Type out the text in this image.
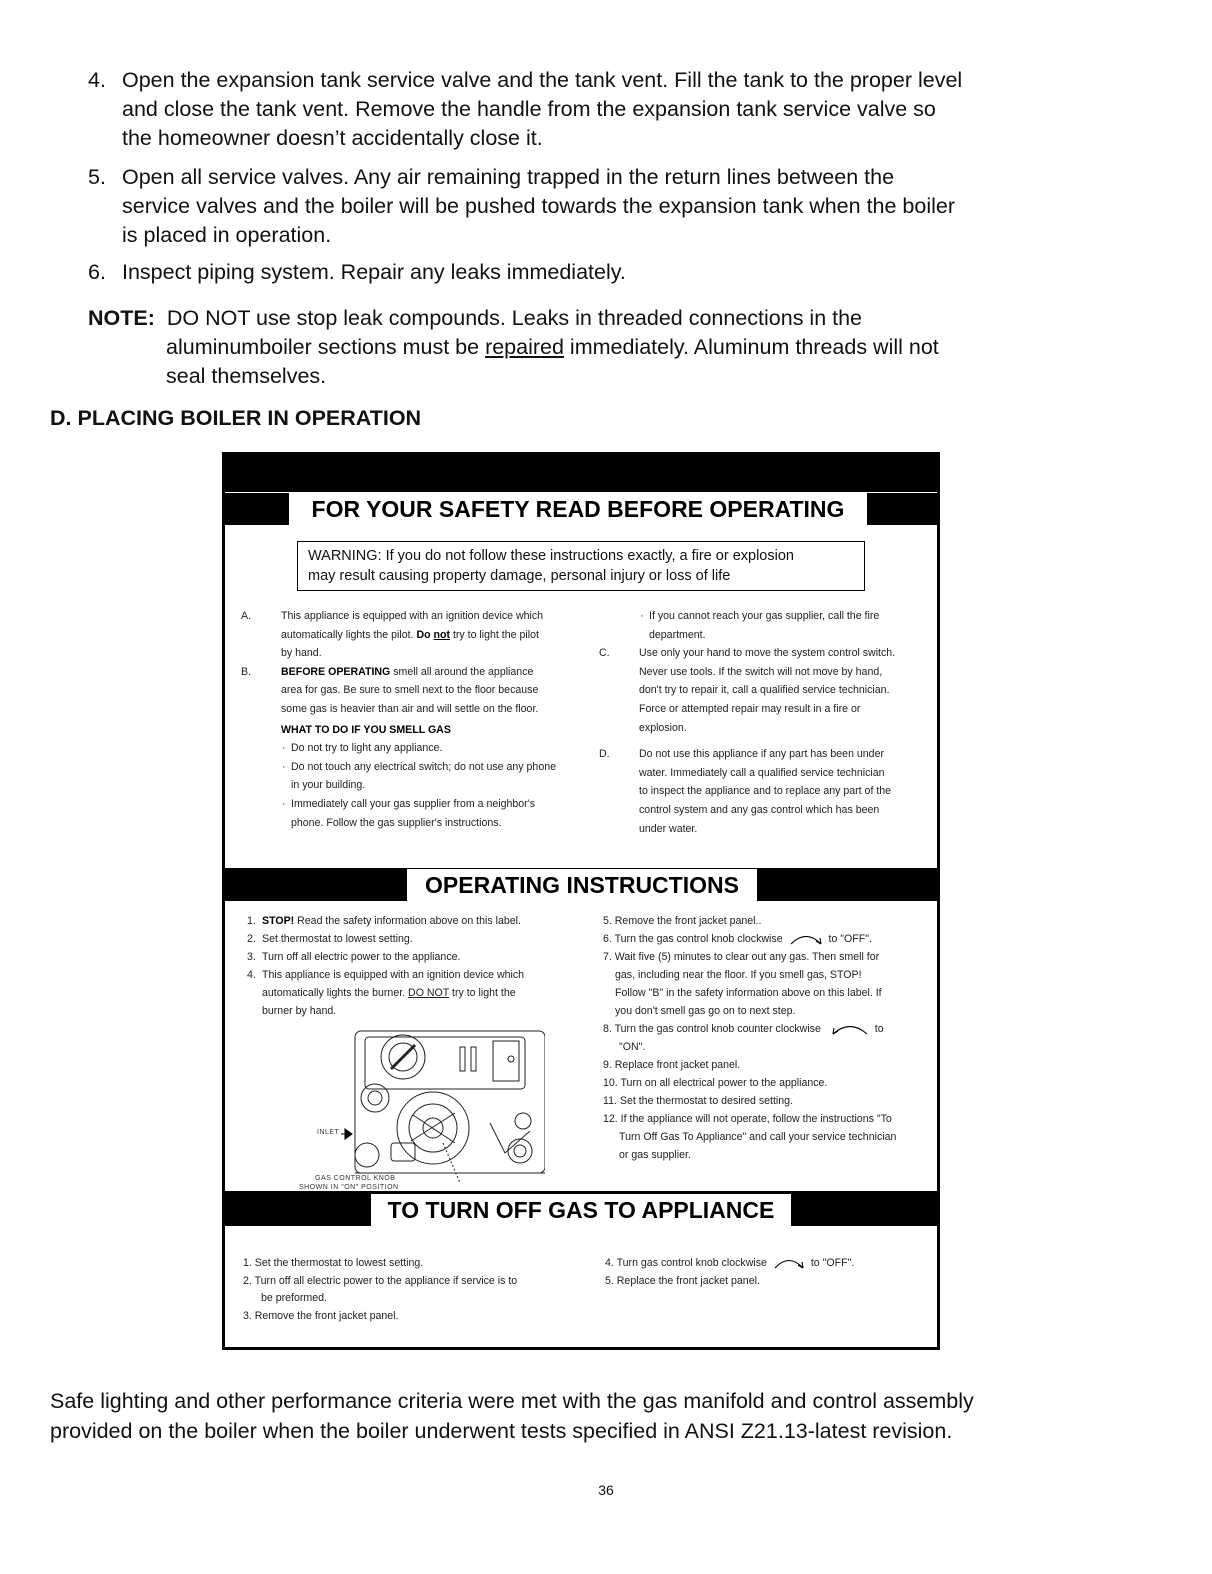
4. Open the expansion tank service valve and the tank vent. Fill the tank to the proper level
and close the tank vent. Remove the handle from the expansion tank service valve so
the homeowner doesn’t accidentally close it.
5. Open all service valves. Any air remaining trapped in the return lines between the
service valves and the boiler will be pushed towards the expansion tank when the boiler
is placed in operation.
6. Inspect piping system. Repair any leaks immediately.
NOTE: DO NOT use stop leak compounds. Leaks in threaded connections in the
aluminumboiler sections must be repaired immediately. Aluminum threads will not
seal themselves.
D. PLACING BOILER IN OPERATION
FOR YOUR SAFETY READ BEFORE OPERATING
WARNING: If you do not follow these instructions exactly, a fire or explosion
may result causing property damage, personal injury or loss of life
A.	This appliance is equipped with an ignition device which
automatically lights the pilot. Do not try to light the pilot
by hand.
B.	BEFORE OPERATING smell all around the appliance
area for gas. Be sure to smell next to the floor because
some gas is heavier than air and will settle on the floor.
WHAT TO DO IF YOU SMELL GAS
· Do not try to light any appliance.
· Do not touch any electrical switch; do not use any phone
in your building.
· Immediately call your gas supplier from a neighbor's
phone. Follow the gas supplier's instructions.
· If you cannot reach your gas supplier, call the fire
department.
C.	Use only your hand to move the system control switch.
Never use tools. If the switch will not move by hand,
don't try to repair it, call a qualified service technician.
Force or attempted repair may result in a fire or
explosion.
D.	Do not use this appliance if any part has been under
water. Immediately call a qualified service technician
to inspect the appliance and to replace any part of the
control system and any gas control which has been
under water.
OPERATING INSTRUCTIONS
1. STOP! Read the safety information above on this label.
2. Set thermostat to lowest setting.
3. Turn off all electric power to the appliance.
4. This appliance is equipped with an ignition device which
automatically lights the burner. DO NOT try to light the
burner by hand.
5. Remove the front jacket panel..
6. Turn the gas control knob clockwise	to "OFF".
7. Wait five (5) minutes to clear out any gas. Then smell for
gas, including near the floor. If you smell gas, STOP!
Follow "B" in the safety information above on this label. If
you don't smell gas go on to next step.
8. Turn the gas control knob counter clockwise	to
"ON".
9. Replace front jacket panel.
10. Turn on all electrical power to the appliance.
11. Set the thermostat to desired setting.
12. If the appliance will not operate, follow the instructions "To
Turn Off Gas To Appliance" and call your service technician
or gas supplier.
INLET
GAS CONTROL KNOB
SHOWN IN "ON" POSITION
TO TURN OFF GAS TO APPLIANCE
1. Set the thermostat to lowest setting.
2. Turn off all electric power to the appliance if service is to
be preformed.
3. Remove the front jacket panel.
4. Turn gas control knob clockwise	to "OFF".
5. Replace the front jacket panel.
Safe lighting and other performance criteria were met with the gas manifold and control assembly
provided on the boiler when the boiler underwent tests specified in ANSI Z21.13-latest revision.
36
